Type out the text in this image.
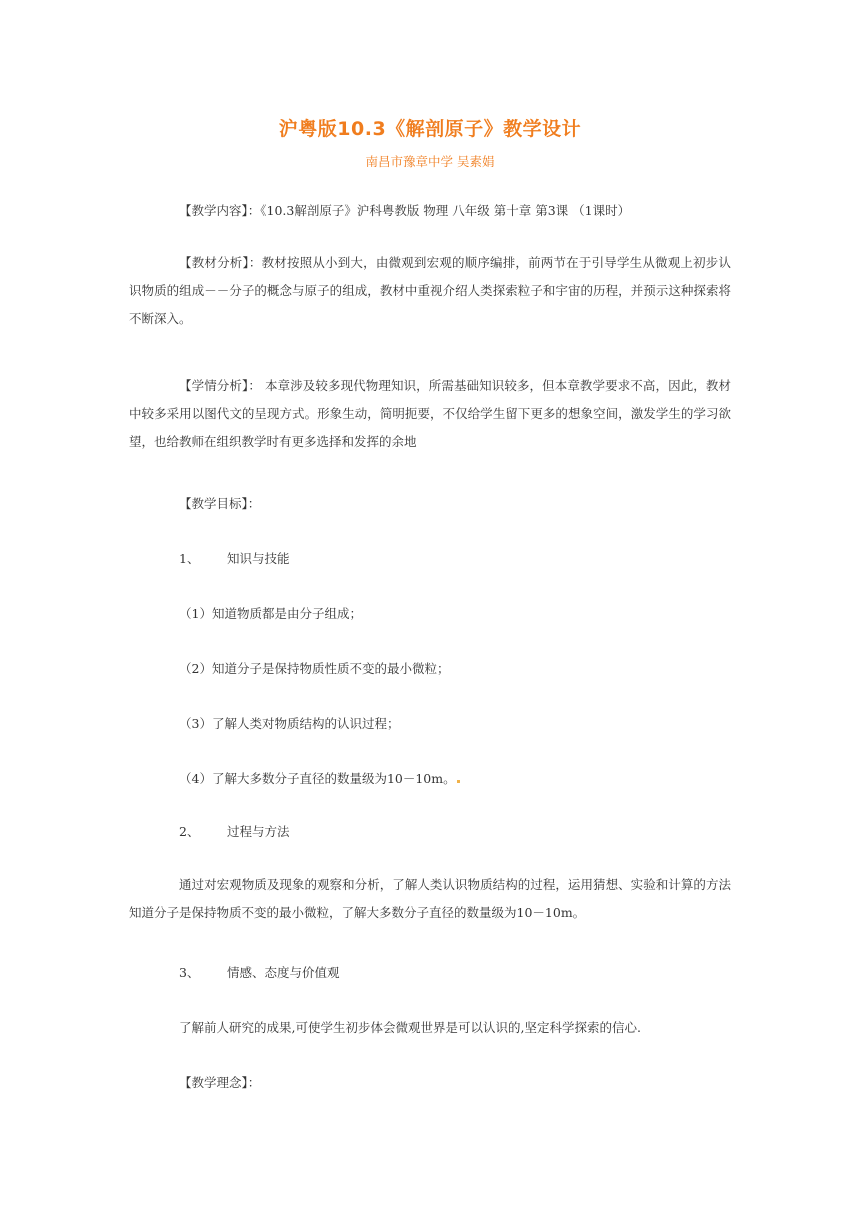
沪粤版10.3《解剖原子》教学设计
南昌市豫章中学 吴素娟
【教学内容】：《10.3解剖原子》沪科粤教版 物理 八年级 第十章 第3课 （1课时）
【教材分析】：教材按照从小到大，由微观到宏观的顺序编排，前两节在于引导学生从微观上初步认识物质的组成－－分子的概念与原子的组成，教材中重视介绍人类探索粒子和宇宙的历程，并预示这种探索将不断深入。
【学情分析】： 本章涉及较多现代物理知识，所需基础知识较多，但本章教学要求不高，因此，教材中较多采用以图代文的呈现方式。形象生动，简明扼要，不仅给学生留下更多的想象空间，激发学生的学习欲望，也给教师在组织教学时有更多选择和发挥的余地
【教学目标】：
1、 知识与技能
（1）知道物质都是由分子组成；
（2）知道分子是保持物质性质不变的最小微粒；
（3）了解人类对物质结构的认识过程；
（4）了解大多数分子直径的数量级为10－10m。
2、 过程与方法
通过对宏观物质及现象的观察和分析，了解人类认识物质结构的过程，运用猜想、实验和计算的方法知道分子是保持物质不变的最小微粒，了解大多数分子直径的数量级为10－10m。
3、 情感、态度与价值观
了解前人研究的成果,可使学生初步体会微观世界是可以认识的,坚定科学探索的信心.
【教学理念】：
